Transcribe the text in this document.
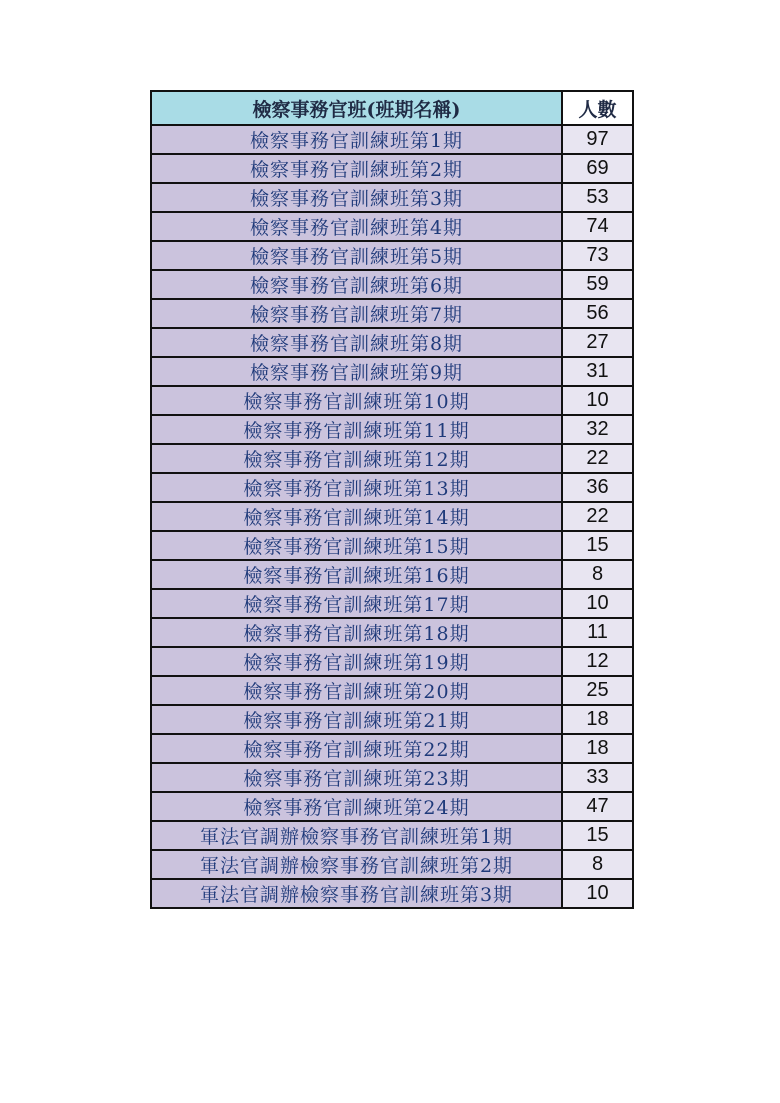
檢察事務官班(班期名稱)	人數
檢察事務官訓練班第1期	97
檢察事務官訓練班第2期	69
檢察事務官訓練班第3期	53
檢察事務官訓練班第4期	74
檢察事務官訓練班第5期	73
檢察事務官訓練班第6期	59
檢察事務官訓練班第7期	56
檢察事務官訓練班第8期	27
檢察事務官訓練班第9期	31
檢察事務官訓練班第10期	10
檢察事務官訓練班第11期	32
檢察事務官訓練班第12期	22
檢察事務官訓練班第13期	36
檢察事務官訓練班第14期	22
檢察事務官訓練班第15期	15
檢察事務官訓練班第16期	8
檢察事務官訓練班第17期	10
檢察事務官訓練班第18期	11
檢察事務官訓練班第19期	12
檢察事務官訓練班第20期	25
檢察事務官訓練班第21期	18
檢察事務官訓練班第22期	18
檢察事務官訓練班第23期	33
檢察事務官訓練班第24期	47
軍法官調辦檢察事務官訓練班第1期	15
軍法官調辦檢察事務官訓練班第2期	8
軍法官調辦檢察事務官訓練班第3期	10
